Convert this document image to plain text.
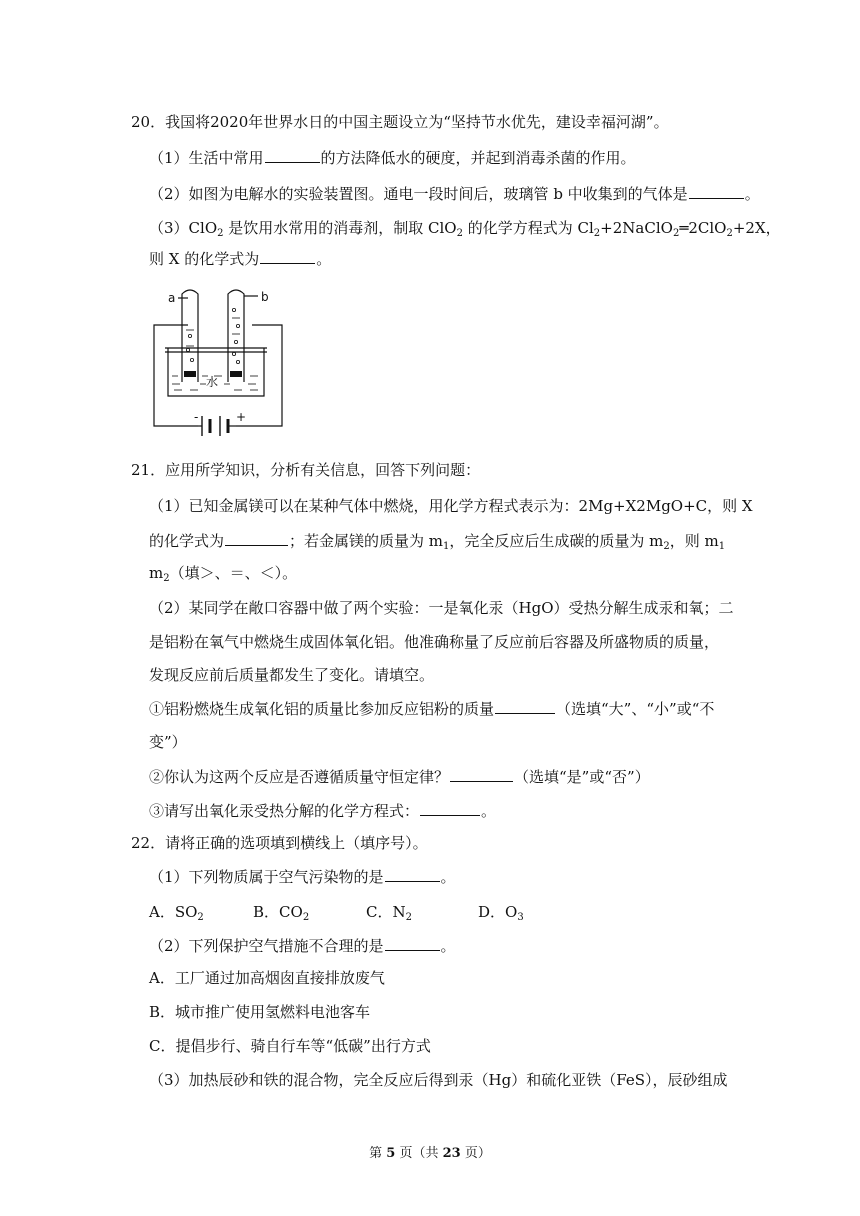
20．我国将2020年世界水日的中国主题设立为“坚持节水优先，建设幸福河湖”。
（1）生活中常用	的方法降低水的硬度，并起到消毒杀菌的作用。
（2）如图为电解水的实验装置图。通电一段时间后，玻璃管 b 中收集到的气体是	。
（3）ClO$_2$ 是饮用水常用的消毒剂，制取 ClO$_2$ 的化学方程式为 $Cl_2+2NaClO_2═2ClO_2+2X$，
则 X 的化学式为	。
a	b
水
-	+
21．应用所学知识，分析有关信息，回答下列问题：
（1）已知金属镁可以在某种气体中燃烧，用化学方程式表示为：2Mg+X2MgO+C，则 X
的化学式为	；若金属镁的质量为 $m_1$，完全反应后生成碳的质量为 $m_2$，则 $m_1$
$m_2$（填＞、＝、＜）。
（2）某同学在敞口容器中做了两个实验：一是氧化汞（HgO）受热分解生成汞和氧；二
是铝粉在氧气中燃烧生成固体氧化铝。他准确称量了反应前后容器及所盛物质的质量，
发现反应前后质量都发生了变化。请填空。
①铝粉燃烧生成氧化铝的质量比参加反应铝粉的质量	（选填“大”、“小”或“不
变”）
②你认为这两个反应是否遵循质量守恒定律？	（选填“是”或“否”）
③请写出氧化汞受热分解的化学方程式：	。
22．请将正确的选项填到横线上（填序号）。
（1）下列物质属于空气污染物的是	。
A．$SO_2$	B．$CO_2$	C．$N_2$	D．$O_3$
（2）下列保护空气措施不合理的是	。
A．工厂通过加高烟囱直接排放废气
B．城市推广使用氢燃料电池客车
C．提倡步行、骑自行车等“低碳”出行方式
（3）加热辰砂和铁的混合物，完全反应后得到汞（Hg）和硫化亚铁（FeS），辰砂组成
第 5 页（共 23 页）
